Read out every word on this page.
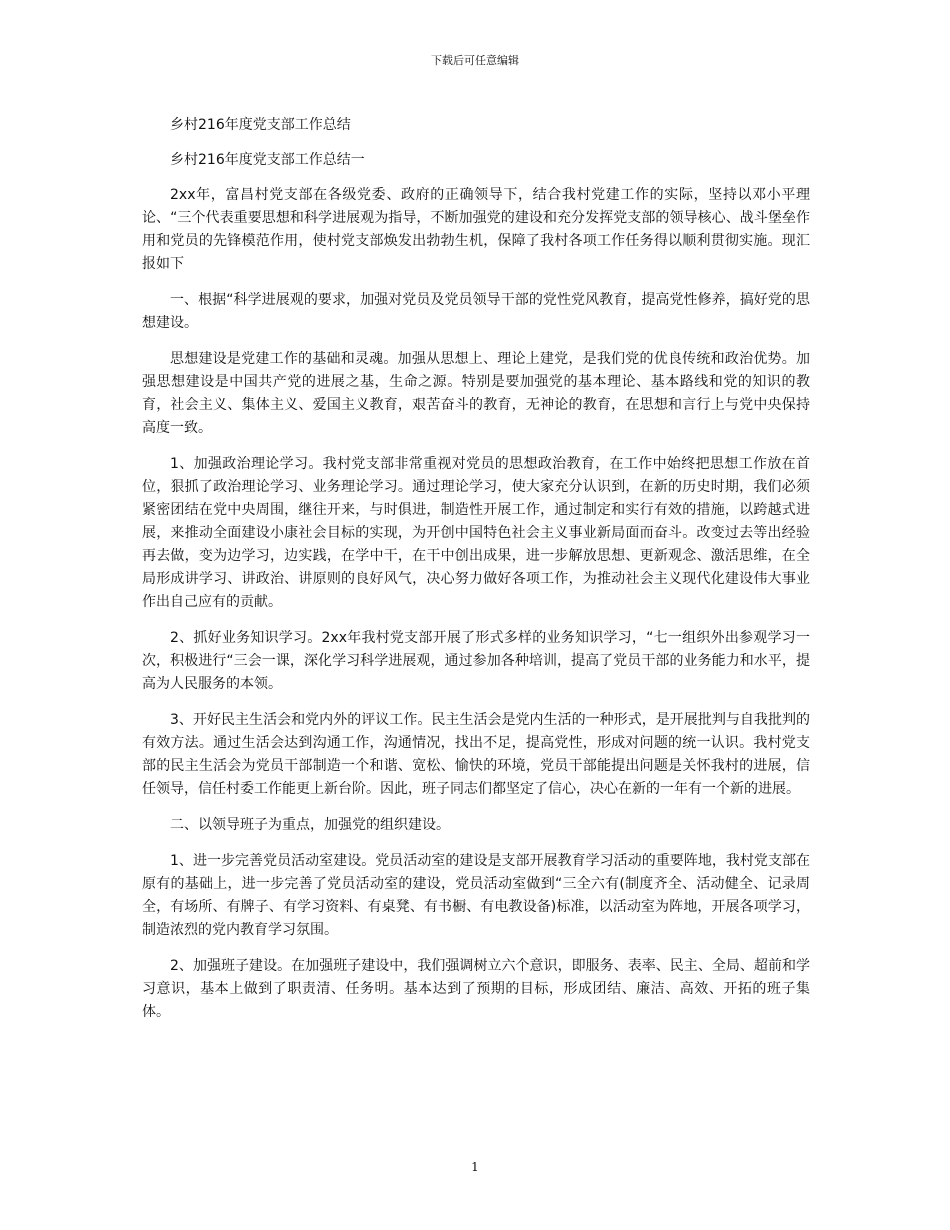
下载后可任意编辑

乡村216年度党支部工作总结

乡村216年度党支部工作总结一

2xx年，富昌村党支部在各级党委、政府的正确领导下，结合我村党建工作的实际，坚持以邓小平理论、“三个代表重要思想和科学进展观为指导，不断加强党的建设和充分发挥党支部的领导核心、战斗堡垒作用和党员的先锋模范作用，使村党支部焕发出勃勃生机，保障了我村各项工作任务得以顺利贯彻实施。现汇报如下

一、根据“科学进展观的要求，加强对党员及党员领导干部的党性党风教育，提高党性修养，搞好党的思想建设。

思想建设是党建工作的基础和灵魂。加强从思想上、理论上建党，是我们党的优良传统和政治优势。加强思想建设是中国共产党的进展之基，生命之源。特别是要加强党的基本理论、基本路线和党的知识的教育，社会主义、集体主义、爱国主义教育，艰苦奋斗的教育，无神论的教育，在思想和言行上与党中央保持高度一致。

1、加强政治理论学习。我村党支部非常重视对党员的思想政治教育，在工作中始终把思想工作放在首位，狠抓了政治理论学习、业务理论学习。通过理论学习，使大家充分认识到，在新的历史时期，我们必须紧密团结在党中央周围，继往开来，与时俱进，制造性开展工作，通过制定和实行有效的措施，以跨越式进展，来推动全面建设小康社会目标的实现，为开创中国特色社会主义事业新局面而奋斗。改变过去等出经验再去做，变为边学习，边实践，在学中干，在干中创出成果，进一步解放思想、更新观念、激活思维，在全局形成讲学习、讲政治、讲原则的良好风气，决心努力做好各项工作，为推动社会主义现代化建设伟大事业作出自己应有的贡献。

2、抓好业务知识学习。2xx年我村党支部开展了形式多样的业务知识学习，“七一组织外出参观学习一次，积极进行“三会一课，深化学习科学进展观，通过参加各种培训，提高了党员干部的业务能力和水平，提高为人民服务的本领。

3、开好民主生活会和党内外的评议工作。民主生活会是党内生活的一种形式，是开展批判与自我批判的有效方法。通过生活会达到沟通工作，沟通情况，找出不足，提高党性，形成对问题的统一认识。我村党支部的民主生活会为党员干部制造一个和谐、宽松、愉快的环境，党员干部能提出问题是关怀我村的进展，信任领导，信任村委工作能更上新台阶。因此，班子同志们都坚定了信心，决心在新的一年有一个新的进展。

二、以领导班子为重点，加强党的组织建设。

1、进一步完善党员活动室建设。党员活动室的建设是支部开展教育学习活动的重要阵地，我村党支部在原有的基础上，进一步完善了党员活动室的建设，党员活动室做到“三全六有(制度齐全、活动健全、记录周全，有场所、有牌子、有学习资料、有桌凳、有书橱、有电教设备)标准，以活动室为阵地，开展各项学习，制造浓烈的党内教育学习氛围。

2、加强班子建设。在加强班子建设中，我们强调树立六个意识，即服务、表率、民主、全局、超前和学习意识，基本上做到了职责清、任务明。基本达到了预期的目标，形成团结、廉洁、高效、开拓的班子集体。

1
